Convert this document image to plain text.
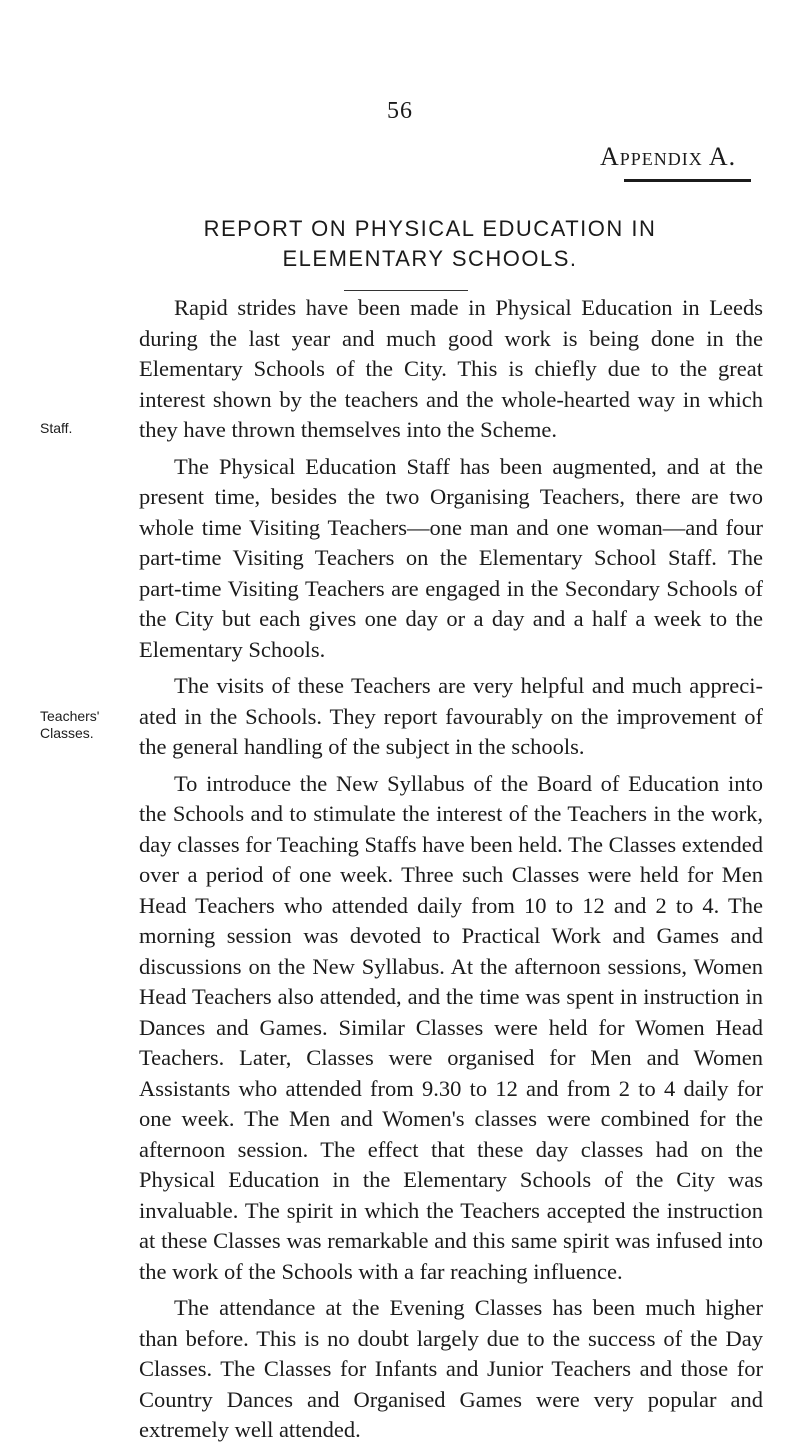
56
Appendix A.
REPORT ON PHYSICAL EDUCATION IN
ELEMENTARY SCHOOLS.
Staff.
Teachers' Classes.

Rapid strides have been made in Physical Education in Leeds during the last year and much good work is being done in the Elementary Schools of the City. This is chiefly due to the great interest shown by the teachers and the whole-hearted way in which they have thrown themselves into the Scheme.

The Physical Education Staff has been augmented, and at the present time, besides the two Organising Teachers, there are two whole time Visiting Teachers—one man and one woman—and four part-time Visiting Teachers on the Elementary School Staff. The part-time Visiting Teachers are engaged in the Secondary Schools of the City but each gives one day or a day and a half a week to the Elementary Schools.

The visits of these Teachers are very helpful and much appreci- ated in the Schools. They report favourably on the improvement of the general handling of the subject in the schools.

To introduce the New Syllabus of the Board of Education into the Schools and to stimulate the interest of the Teachers in the work, day classes for Teaching Staffs have been held. The Classes extended over a period of one week. Three such Classes were held for Men Head Teachers who attended daily from 10 to 12 and 2 to 4. The morning session was devoted to Practical Work and Games and discussions on the New Syllabus. At the afternoon sessions, Women Head Teachers also attended, and the time was spent in instruction in Dances and Games. Similar Classes were held for Women Head Teachers. Later, Classes were organised for Men and Women Assistants who attended from 9.30 to 12 and from 2 to 4 daily for one week. The Men and Women's classes were combined for the afternoon session. The effect that these day classes had on the Physical Education in the Elementary Schools of the City was invaluable. The spirit in which the Teachers accepted the instruction at these Classes was remarkable and this same spirit was infused into the work of the Schools with a far reaching influence.

The attendance at the Evening Classes has been much higher than before. This is no doubt largely due to the success of the Day Classes. The Classes for Infants and Junior Teachers and those for Country Dances and Organised Games were very popular and extremely well attended.
